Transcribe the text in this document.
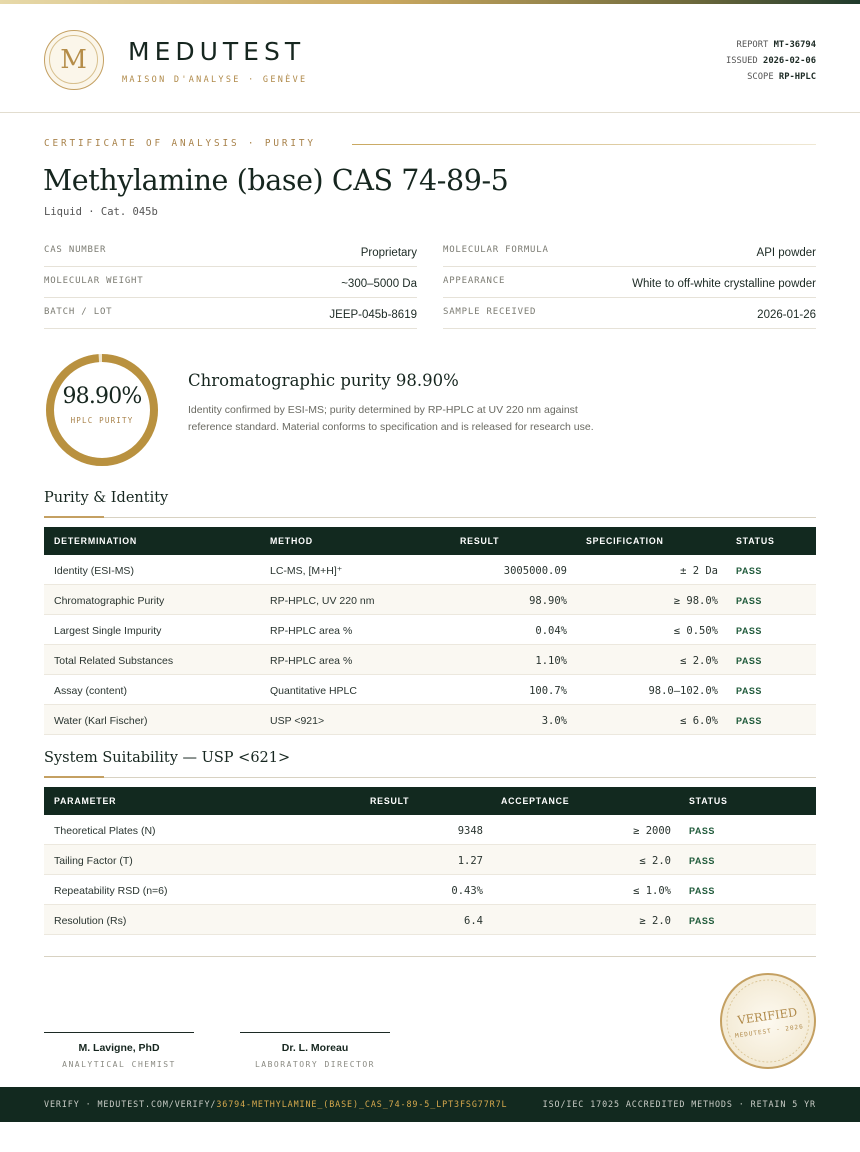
M	MEDUTEST
MAISON D'ANALYSE · GENÈVE
REPORT MT-36794
ISSUED 2026-02-06
SCOPE RP-HPLC
CERTIFICATE OF ANALYSIS · PURITY
Methylamine (base) CAS 74-89-5
Liquid · Cat. 045b
CAS NUMBER	Proprietary
MOLECULAR WEIGHT	~300–5000 Da
BATCH / LOT	JEEP-045b-8619
MOLECULAR FORMULA	API powder
APPEARANCE	White to off-white crystalline powder
SAMPLE RECEIVED	2026-01-26
98.90%
HPLC PURITY
Chromatographic purity 98.90%
Identity confirmed by ESI-MS; purity determined by RP-HPLC at UV 220 nm against reference standard. Material conforms to specification and is released for research use.
Purity & Identity
DETERMINATION	METHOD	RESULT	SPECIFICATION	STATUS
Identity (ESI-MS)	LC-MS, [M+H]⁺	3005000.09	± 2 Da PASS
Chromatographic Purity	RP-HPLC, UV 220 nm	98.90%	≥ 98.0% PASS
Largest Single Impurity	RP-HPLC area %	0.04%	≤ 0.50% PASS
Total Related Substances	RP-HPLC area %	1.10%	≤ 2.0% PASS
Assay (content)	Quantitative HPLC	100.7%	98.0–102.0% PASS
Water (Karl Fischer)	USP <921>	3.0%	≤ 6.0% PASS
System Suitability — USP <621>
PARAMETER	RESULT	ACCEPTANCE	STATUS
Theoretical Plates (N)	9348	≥ 2000 PASS
Tailing Factor (T)	1.27	≤ 2.0 PASS
Repeatability RSD (n=6)	0.43%	≤ 1.0% PASS
Resolution (Rs)	6.4	≥ 2.0 PASS
M. Lavigne, PhD
ANALYTICAL CHEMIST
Dr. L. Moreau
LABORATORY DIRECTOR
VERIFIED
MEDUTEST · 2026
VERIFY · MEDUTEST.COM/VERIFY/36794-METHYLAMINE_(BASE)_CAS_74-89-5_LPT3FSG77R7L	ISO/IEC 17025 ACCREDITED METHODS · RETAIN 5 YR
